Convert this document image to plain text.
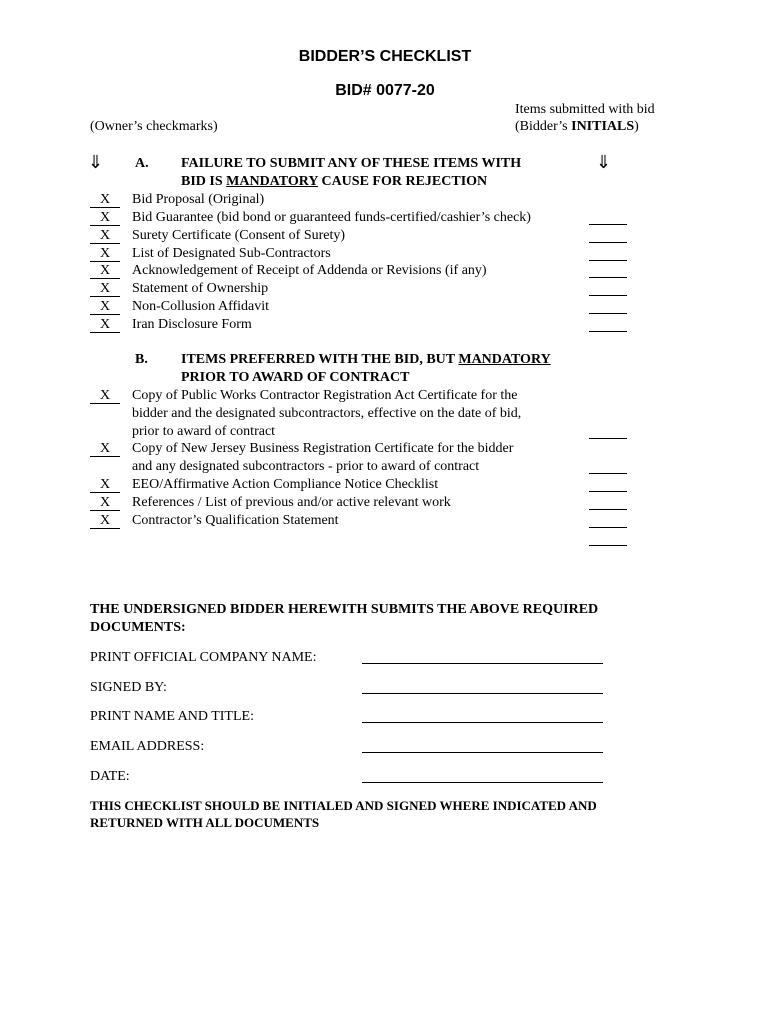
BIDDER’S CHECKLIST
BID# 0077-20
(Owner’s checkmarks)
Items submitted with bid
(Bidder’s INITIALS)
⇓	⇓
A. FAILURE TO SUBMIT ANY OF THESE ITEMS WITH
BID IS MANDATORY CAUSE FOR REJECTION
X	Bid Proposal (Original)
X	Bid Guarantee (bid bond or guaranteed funds-certified/cashier’s check)
X	Surety Certificate (Consent of Surety)
X	List of Designated Sub-Contractors
X	Acknowledgement of Receipt of Addenda or Revisions (if any)
X	Statement of Ownership
X	Non-Collusion Affidavit
X	Iran Disclosure Form
B. ITEMS PREFERRED WITH THE BID, BUT MANDATORY
PRIOR TO AWARD OF CONTRACT
X	Copy of Public Works Contractor Registration Act Certificate for the
bidder and the designated subcontractors, effective on the date of bid,
prior to award of contract
X	Copy of New Jersey Business Registration Certificate for the bidder
and any designated subcontractors - prior to award of contract
X	EEO/Affirmative Action Compliance Notice Checklist
X	References / List of previous and/or active relevant work
X	Contractor’s Qualification Statement
THE UNDERSIGNED BIDDER HEREWITH SUBMITS THE ABOVE REQUIRED
DOCUMENTS:
PRINT OFFICIAL COMPANY NAME:
SIGNED BY:
PRINT NAME AND TITLE:
EMAIL ADDRESS:
DATE:
THIS CHECKLIST SHOULD BE INITIALED AND SIGNED WHERE INDICATED AND
RETURNED WITH ALL DOCUMENTS
